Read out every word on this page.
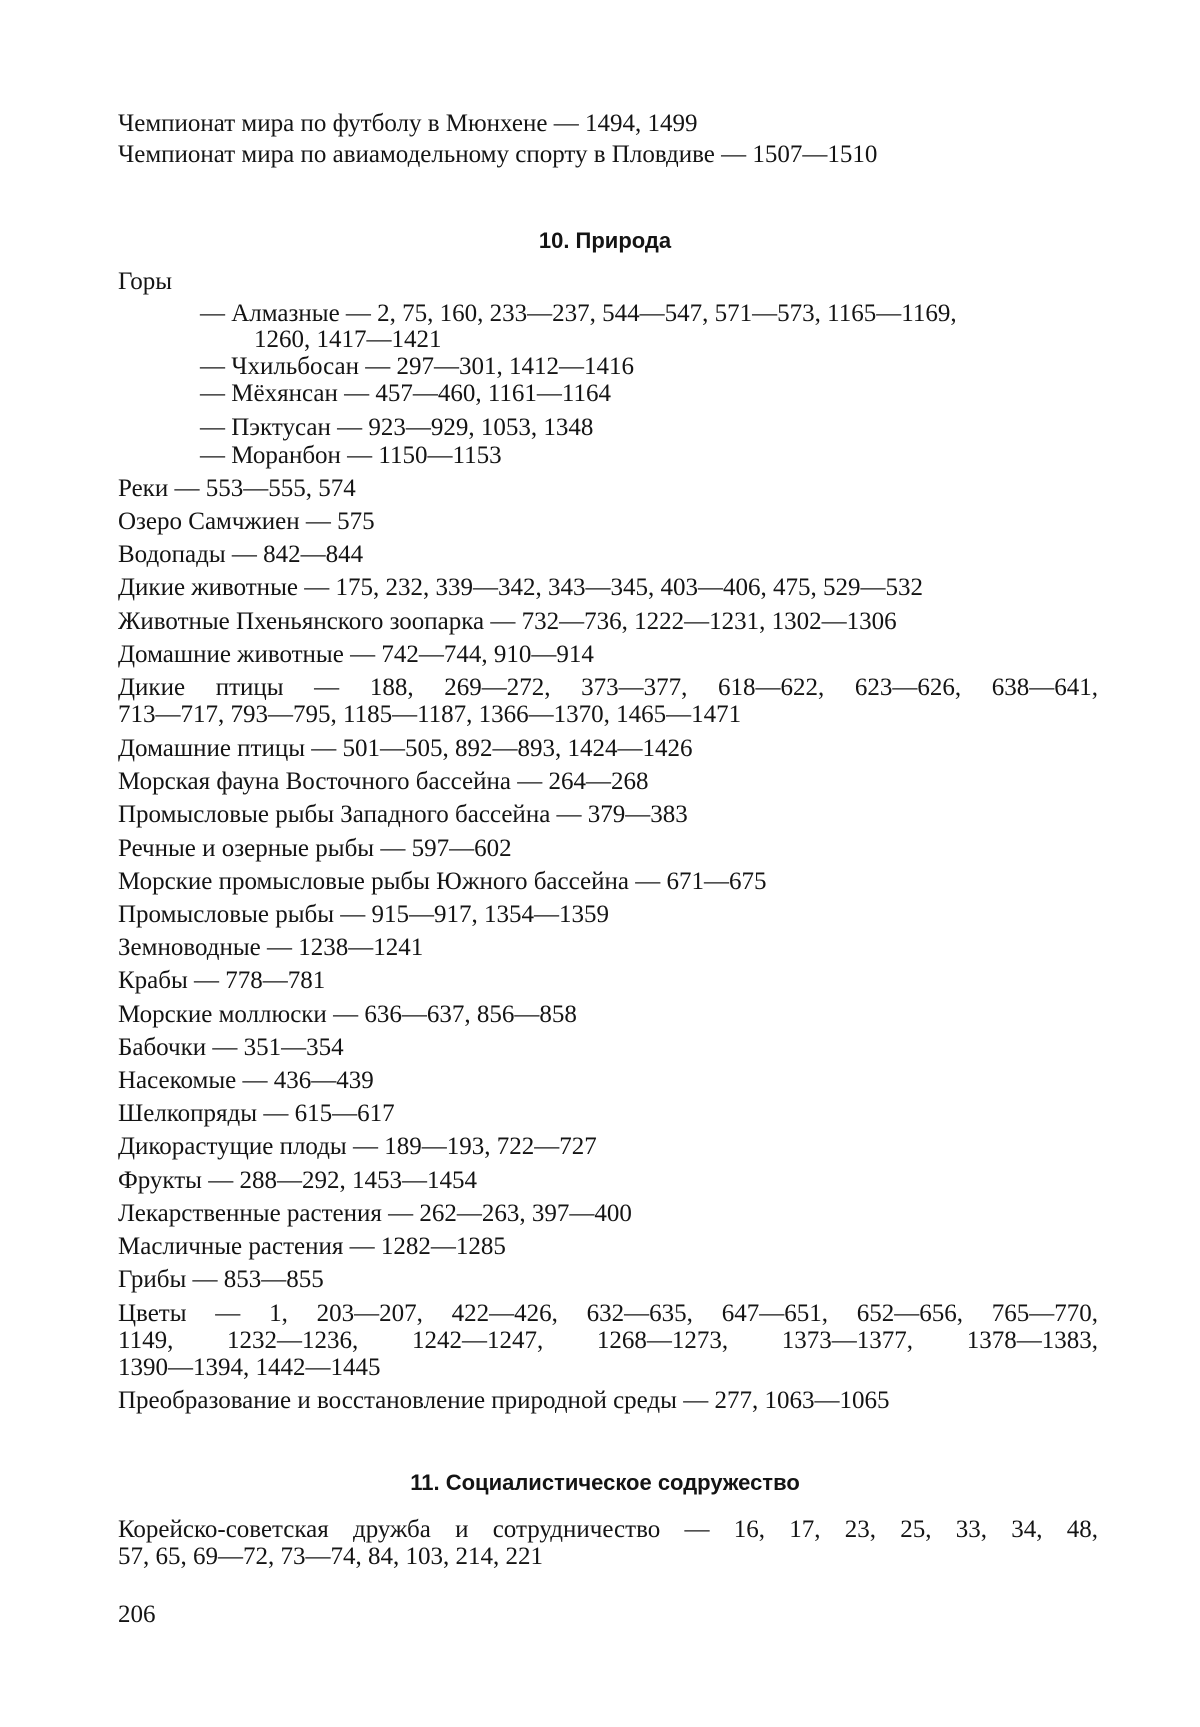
Чемпионат мира по футболу в Мюнхене — 1494, 1499
Чемпионат мира по авиамодельному спорту в Пловдиве — 1507—1510
10. Природа
Горы
— Алмазные — 2, 75, 160, 233—237, 544—547, 571—573, 1165—1169,
1260, 1417—1421
— Чхильбосан — 297—301, 1412—1416
— Мёхянсан — 457—460, 1161—1164
— Пэктусан — 923—929, 1053, 1348
— Моранбон — 1150—1153
Реки — 553—555, 574
Озеро Самчжиен — 575
Водопады — 842—844
Дикие животные — 175, 232, 339—342, 343—345, 403—406, 475, 529—532
Животные Пхеньянского зоопарка — 732—736, 1222—1231, 1302—1306
Домашние животные — 742—744, 910—914
Дикие птицы — 188, 269—272, 373—377, 618—622, 623—626, 638—641,
713—717, 793—795, 1185—1187, 1366—1370, 1465—1471
Домашние птицы — 501—505, 892—893, 1424—1426
Морская фауна Восточного бассейна — 264—268
Промысловые рыбы Западного бассейна — 379—383
Речные и озерные рыбы — 597—602
Морские промысловые рыбы Южного бассейна — 671—675
Промысловые рыбы — 915—917, 1354—1359
Земноводные — 1238—1241
Крабы — 778—781
Морские моллюски — 636—637, 856—858
Бабочки — 351—354
Насекомые — 436—439
Шелкопряды — 615—617
Дикорастущие плоды — 189—193, 722—727
Фрукты — 288—292, 1453—1454
Лекарственные растения — 262—263, 397—400
Масличные растения — 1282—1285
Грибы — 853—855
Цветы — 1, 203—207, 422—426, 632—635, 647—651, 652—656, 765—770,
1149, 1232—1236, 1242—1247, 1268—1273, 1373—1377, 1378—1383,
1390—1394, 1442—1445
Преобразование и восстановление природной среды — 277, 1063—1065
11. Социалистическое содружество
Корейско-советская дружба и сотрудничество — 16, 17, 23, 25, 33, 34, 48,
57, 65, 69—72, 73—74, 84, 103, 214, 221
206
